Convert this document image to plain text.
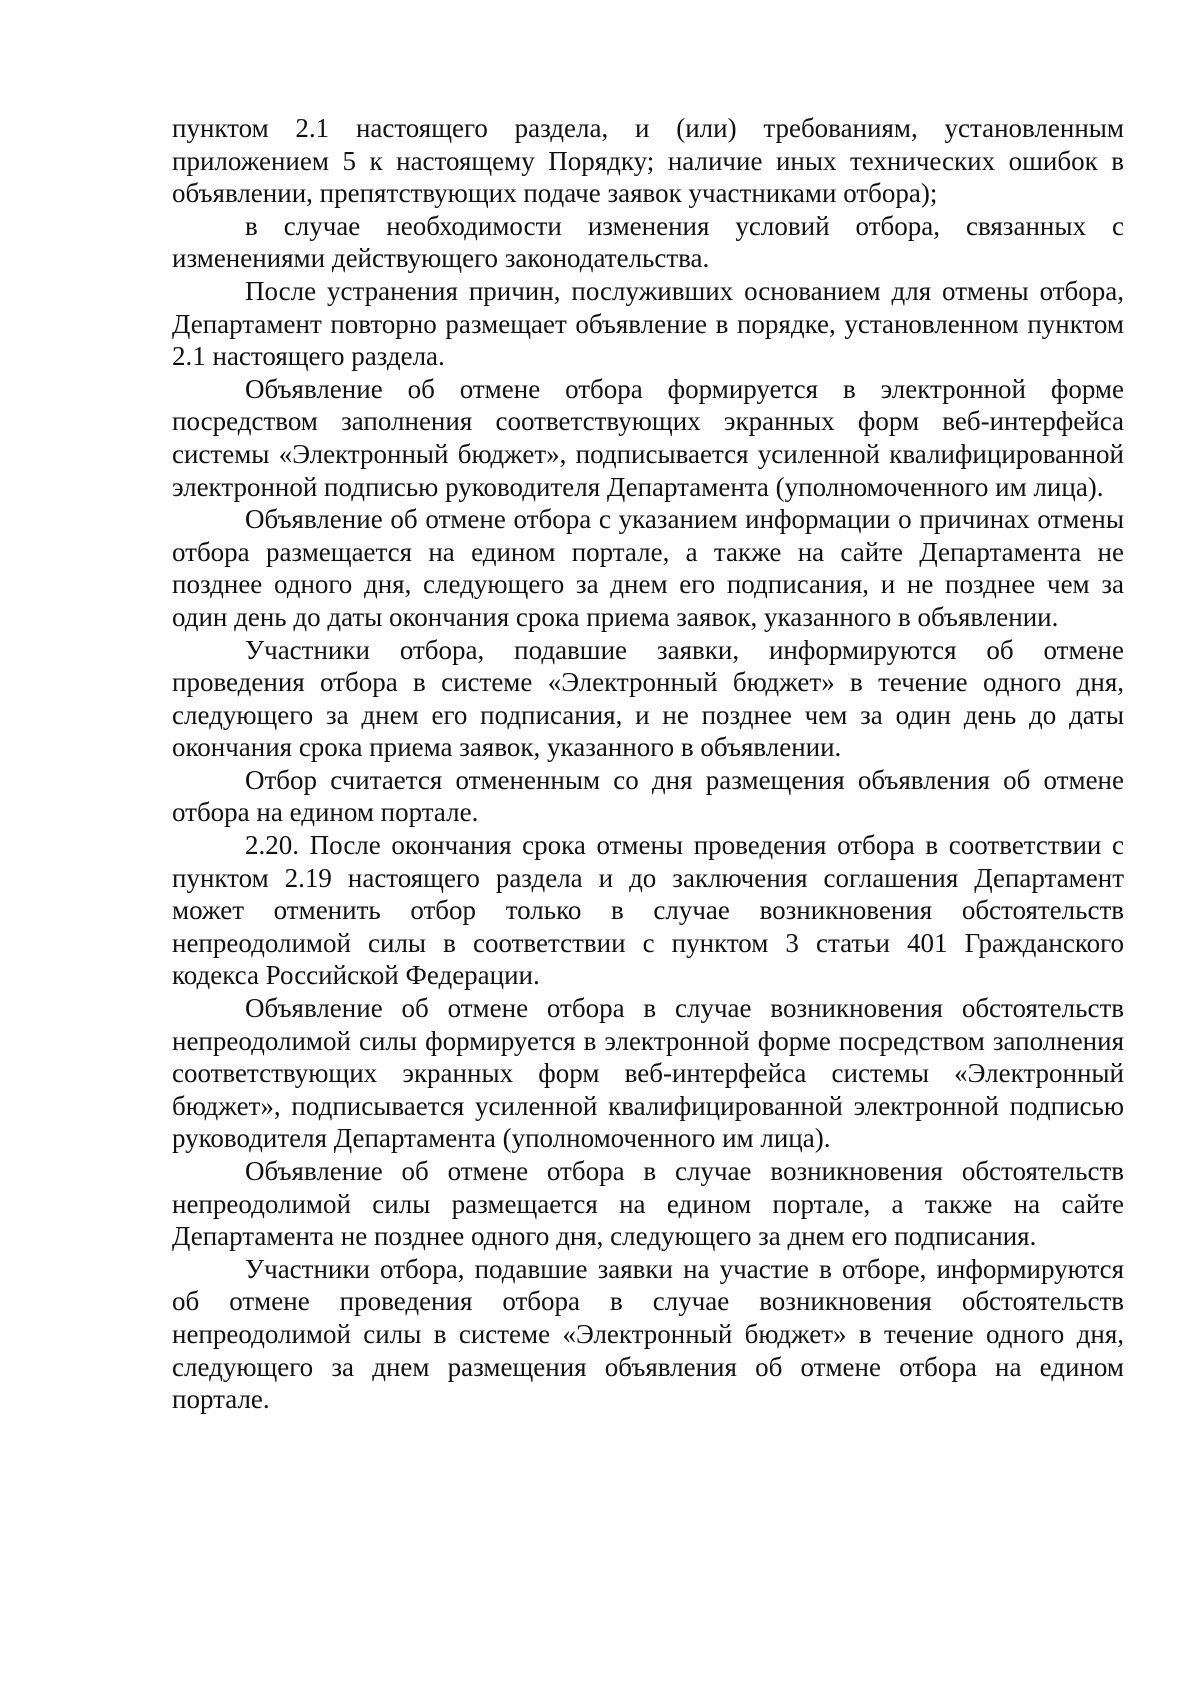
пунктом 2.1 настоящего раздела, и (или) требованиям, установленным приложением 5 к настоящему Порядку; наличие иных технических ошибок в объявлении, препятствующих подаче заявок участниками отбора);

в случае необходимости изменения условий отбора, связанных с изменениями действующего законодательства.

После устранения причин, послуживших основанием для отмены отбора, Департамент повторно размещает объявление в порядке, установленном пунктом 2.1 настоящего раздела.

Объявление об отмене отбора формируется в электронной форме посредством заполнения соответствующих экранных форм веб-интерфейса системы «Электронный бюджет», подписывается усиленной квалифицированной электронной подписью руководителя Департамента (уполномоченного им лица).

Объявление об отмене отбора с указанием информации о причинах отмены отбора размещается на едином портале, а также на сайте Департамента не позднее одного дня, следующего за днем его подписания, и не позднее чем за один день до даты окончания срока приема заявок, указанного в объявлении.

Участники отбора, подавшие заявки, информируются об отмене проведения отбора в системе «Электронный бюджет» в течение одного дня, следующего за днем его подписания, и не позднее чем за один день до даты окончания срока приема заявок, указанного в объявлении.

Отбор считается отмененным со дня размещения объявления об отмене отбора на едином портале.

2.20. После окончания срока отмены проведения отбора в соответствии с пунктом 2.19 настоящего раздела и до заключения соглашения Департамент может отменить отбор только в случае возникновения обстоятельств непреодолимой силы в соответствии с пунктом 3 статьи 401 Гражданского кодекса Российской Федерации.

Объявление об отмене отбора в случае возникновения обстоятельств непреодолимой силы формируется в электронной форме посредством заполнения соответствующих экранных форм веб-интерфейса системы «Электронный бюджет», подписывается усиленной квалифицированной электронной подписью руководителя Департамента (уполномоченного им лица).

Объявление об отмене отбора в случае возникновения обстоятельств непреодолимой силы размещается на едином портале, а также на сайте Департамента не позднее одного дня, следующего за днем его подписания.

Участники отбора, подавшие заявки на участие в отборе, информируются об отмене проведения отбора в случае возникновения обстоятельств непреодолимой силы в системе «Электронный бюджет» в течение одного дня, следующего за днем размещения объявления об отмене отбора на едином портале.
